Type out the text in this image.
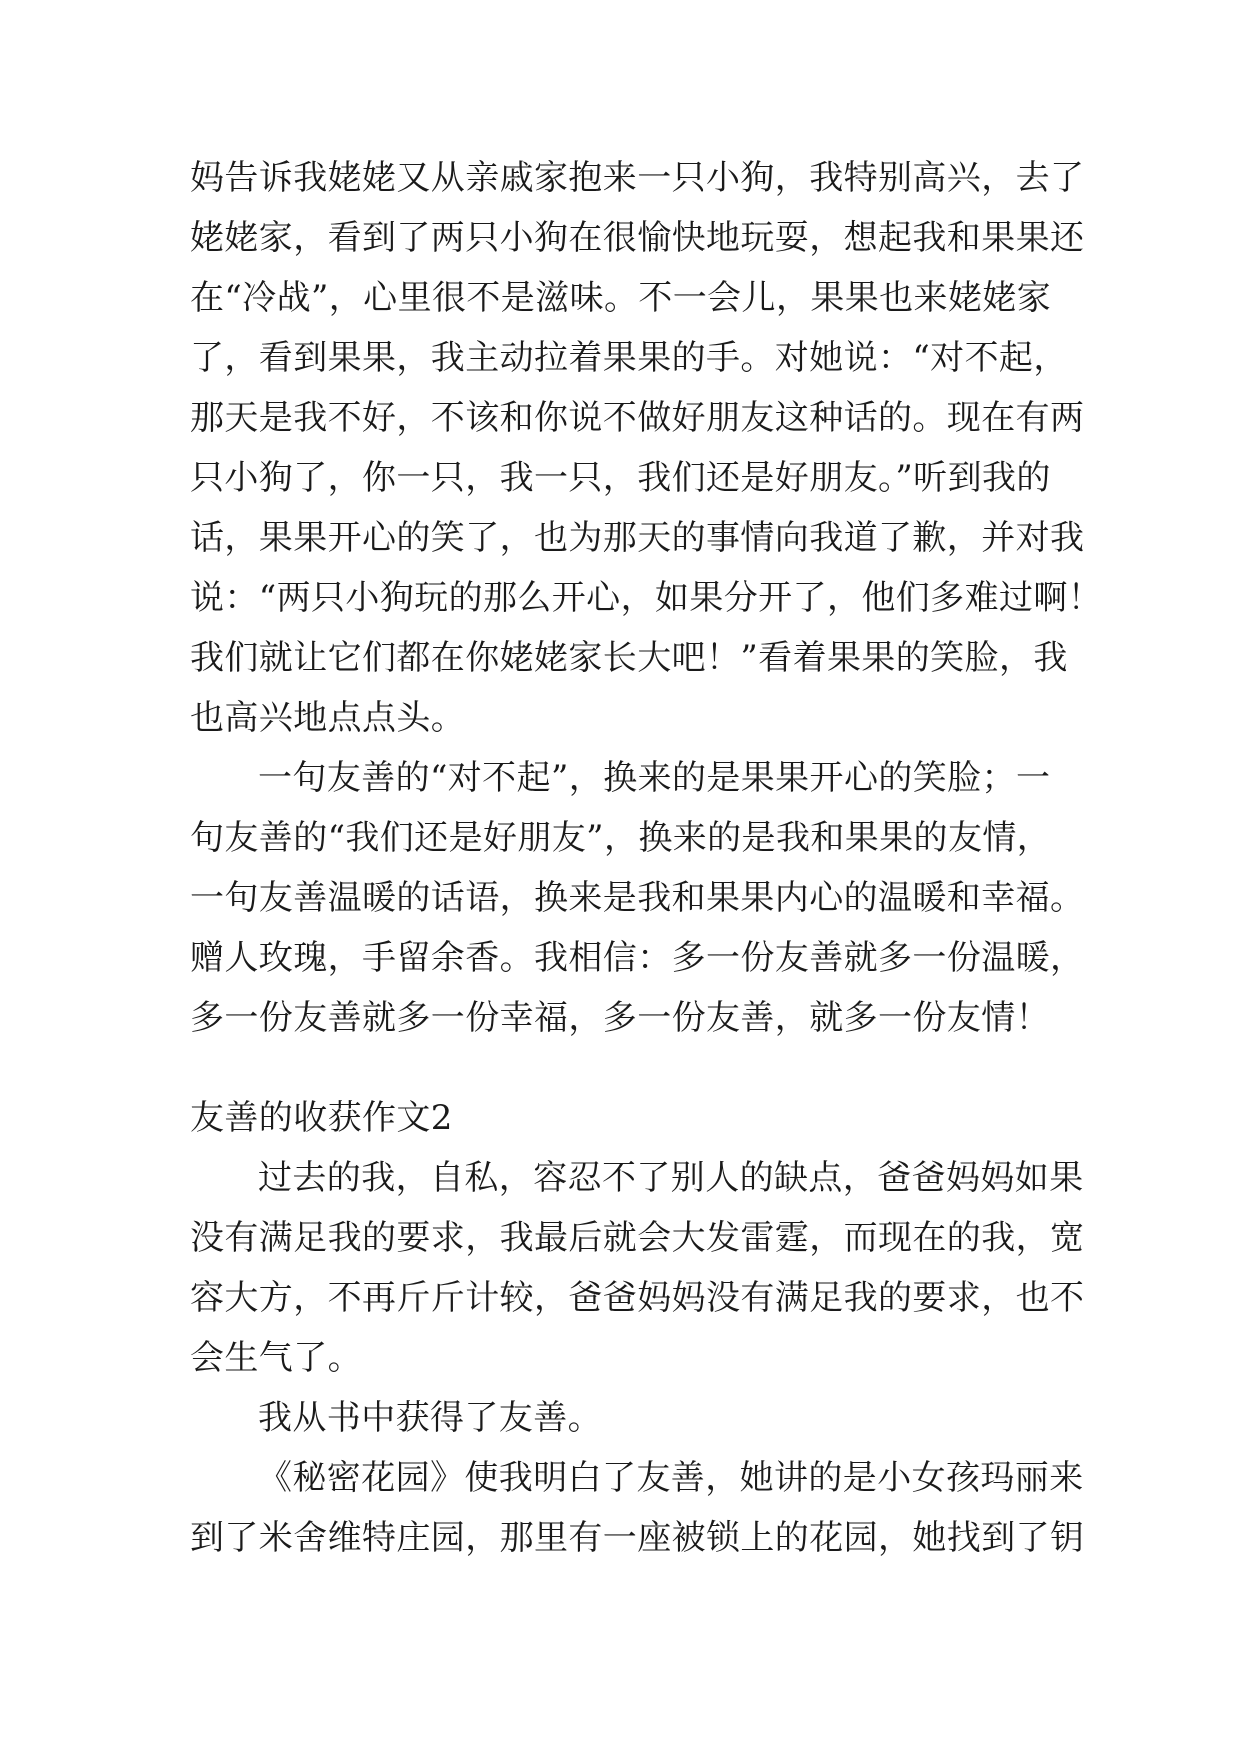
妈告诉我姥姥又从亲戚家抱来一只小狗，我特别高兴，去了
姥姥家，看到了两只小狗在很愉快地玩耍，想起我和果果还
在“冷战”，心里很不是滋味。不一会儿，果果也来姥姥家
了，看到果果，我主动拉着果果的手。对她说：“对不起，
那天是我不好，不该和你说不做好朋友这种话的。现在有两
只小狗了，你一只，我一只，我们还是好朋友。”听到我的
话，果果开心的笑了，也为那天的事情向我道了歉，并对我
说：“两只小狗玩的那么开心，如果分开了，他们多难过啊！
我们就让它们都在你姥姥家长大吧！”看着果果的笑脸，我
也高兴地点点头。
一句友善的“对不起”，换来的是果果开心的笑脸；一
句友善的“我们还是好朋友”，换来的是我和果果的友情，
一句友善温暖的话语，换来是我和果果内心的温暖和幸福。
赠人玫瑰，手留余香。我相信：多一份友善就多一份温暖，
多一份友善就多一份幸福，多一份友善，就多一份友情！
友善的收获作文2
过去的我，自私，容忍不了别人的缺点，爸爸妈妈如果
没有满足我的要求，我最后就会大发雷霆，而现在的我，宽
容大方，不再斤斤计较，爸爸妈妈没有满足我的要求，也不
会生气了。
我从书中获得了友善。
《秘密花园》使我明白了友善，她讲的是小女孩玛丽来
到了米舍维特庄园，那里有一座被锁上的花园，她找到了钥
